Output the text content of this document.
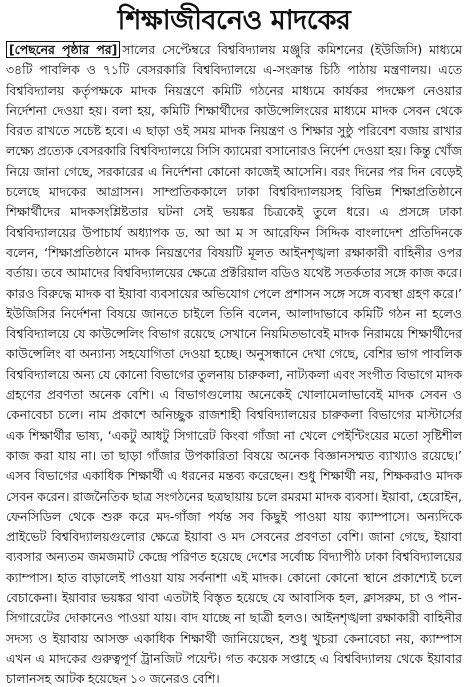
শিক্ষাজীবনেও মাদকের

[পেছনের পৃষ্ঠার পর] সালের সেপ্টেম্বরে বিশ্ববিদ্যালয় মঞ্জুরি কমিশনের (ইউজিসি) মাধ্যমে ৩৪টি পাবলিক ও ৭১টি বেসরকারি বিশ্ববিদ্যালয়ে এ-সংক্রান্ত চিঠি পাঠায় মন্ত্রণালয়। এতে বিশ্ববিদ্যালয় কর্তৃপক্ষকে মাদক নিয়ন্ত্রণে কমিটি গঠনের মাধ্যমে কার্যকর পদক্ষেপ নেওয়ার নির্দেশনা দেওয়া হয়। বলা হয়, কমিটি শিক্ষার্থীদের কাউন্সেলিংয়ের মাধ্যমে মাদক সেবন থেকে বিরত রাখতে সচেষ্ট হবে। এ ছাড়া ওই সময় মাদক নিয়ন্ত্রণ ও শিক্ষার সুষ্ঠু পরিবেশ বজায় রাখার লক্ষ্যে প্রত্যেক বেসরকারি বিশ্ববিদ্যালয়ে সিসি ক্যামেরা বসানোরও নির্দেশ দেওয়া হয়। কিন্তু খোঁজ নিয়ে জানা গেছে, সরকারের এ নির্দেশনা কোনো কাজেই আসেনি। বরং দিনের পর দিন বেড়েই চলেছে মাদকের আগ্রাসন। সাম্প্রতিককালে ঢাকা বিশ্ববিদ্যালয়সহ বিভিন্ন শিক্ষাপ্রতিষ্ঠানে শিক্ষার্থীদের মাদকসংশ্লিষ্টতার ঘটনা সেই ভয়ঙ্কর চিত্রকেই তুলে ধরে। এ প্রসঙ্গে ঢাকা বিশ্ববিদ্যালয়ের উপাচার্য অধ্যাপক ড. আ আ ম স আরেফিন সিদ্দিক বাংলাদেশ প্রতিদিনকে বলেন, ‘শিক্ষাপ্রতিষ্ঠানে মাদক নিয়ন্ত্রণের বিষয়টি মূলত আইনশৃঙ্খলা রক্ষাকারী বাহিনীর ওপর বর্তায়। তবে আমাদের বিশ্ববিদ্যালয়ের ক্ষেত্রে প্রক্টরিয়াল বডিও যথেষ্ট সতর্কতার সঙ্গে কাজ করে। কারও বিরুদ্ধে মাদক বা ইয়াবা ব্যবসায়ের অভিযোগ পেলে প্রশাসন সঙ্গে সঙ্গে ব্যবস্থা গ্রহণ করে।’ ইউজিসির নির্দেশনা বিষয়ে জানতে চাইলে তিনি বলেন, আলাদাভাবে কমিটি গঠন না হলেও বিশ্ববিদ্যালয়ে যে কাউন্সেলিং বিভাগ রয়েছে সেখানে নিয়মিতভাবেই মাদক নিরাময়ে শিক্ষার্থীদের কাউন্সেলিং বা অন্যান্য সহযোগিতা দেওয়া হচ্ছে। অনুসন্ধানে দেখা গেছে, বেশির ভাগ পাবলিক বিশ্ববিদ্যালয়ে অন্য যে কোনো বিভাগের তুলনায় চারুকলা, নাট্যকলা এবং সংগীত বিভাগে মাদক গ্রহণের প্রবণতা অনেক বেশি। এ বিভাগগুলোয় অনেকেই খোলামেলাভাবেই মাদক সেবন ও কেনাবেচা চলে। নাম প্রকাশে অনিচ্ছুক রাজশাহী বিশ্ববিদ্যালয়ের চারুকলা বিভাগের মাস্টার্সের এক শিক্ষার্থীর ভাষ্য, ‘একটু আধটু সিগারেট কিংবা গাঁজা না খেলে পেইন্টিংয়ের মতো সৃষ্টিশীল কাজ করা যায় না। তা ছাড়া গাঁজার উপকারিতা বিষয়ে অনেক বিজ্ঞানসম্মত ব্যাখ্যাও রয়েছে।’ এসব বিভাগের একাধিক শিক্ষার্থী এ ধরনের মন্তব্য করেছেন। শুধু শিক্ষার্থী নয়, শিক্ষকরাও মাদক সেবন করেন। রাজনৈতিক ছাত্র সংগঠনের ছত্রছায়ায় চলে রমরমা মাদক ব্যবসা। ইয়াবা, হেরোইন, ফেনসিডিল থেকে শুরু করে মদ-গাঁজা পর্যন্ত সব কিছুই পাওয়া যায় ক্যাম্পাসে। অন্যদিকে প্রাইভেট বিশ্ববিদ্যালয়গুলোর ক্ষেত্রে ইয়াবা ও মদ সেবনের প্রবণতা বেশি। জানা গেছে, ইয়াবা ব্যবসার অন্যতম জমজমাট কেন্দ্রে পরিণত হয়েছে দেশের সর্বোচ্চ বিদ্যাপীঠ ঢাকা বিশ্ববিদ্যালয়ের ক্যাম্পাস। হাত বাড়ালেই পাওয়া যায় সর্বনাশা এই মাদক। কোনো কোনো স্থানে প্রকাশ্যেই চলে বেচাকেনা। ইয়াবার ভয়ঙ্কর থাবা এতটাই বিস্তৃত হয়েছে যে আবাসিক হল, ক্লাসরুম, চা ও পান-সিগারেটের দোকানেও পাওয়া যায়। বাদ যাচ্ছে না ছাত্রী হলও। আইনশৃঙ্খলা রক্ষাকারী বাহিনীর সদস্য ও ইয়াবায় আসক্ত একাধিক শিক্ষার্থী জানিয়েছেন, শুধু খুচরা কেনাবেচা নয়, ক্যাম্পাস এখন এ মাদকের গুরুত্বপূর্ণ ট্রানজিট পয়েন্ট। গত কয়েক সপ্তাহে এ বিশ্ববিদ্যালয় থেকে ইয়াবার চালানসহ আটক হয়েছেন ১০ জনেরও বেশি।
